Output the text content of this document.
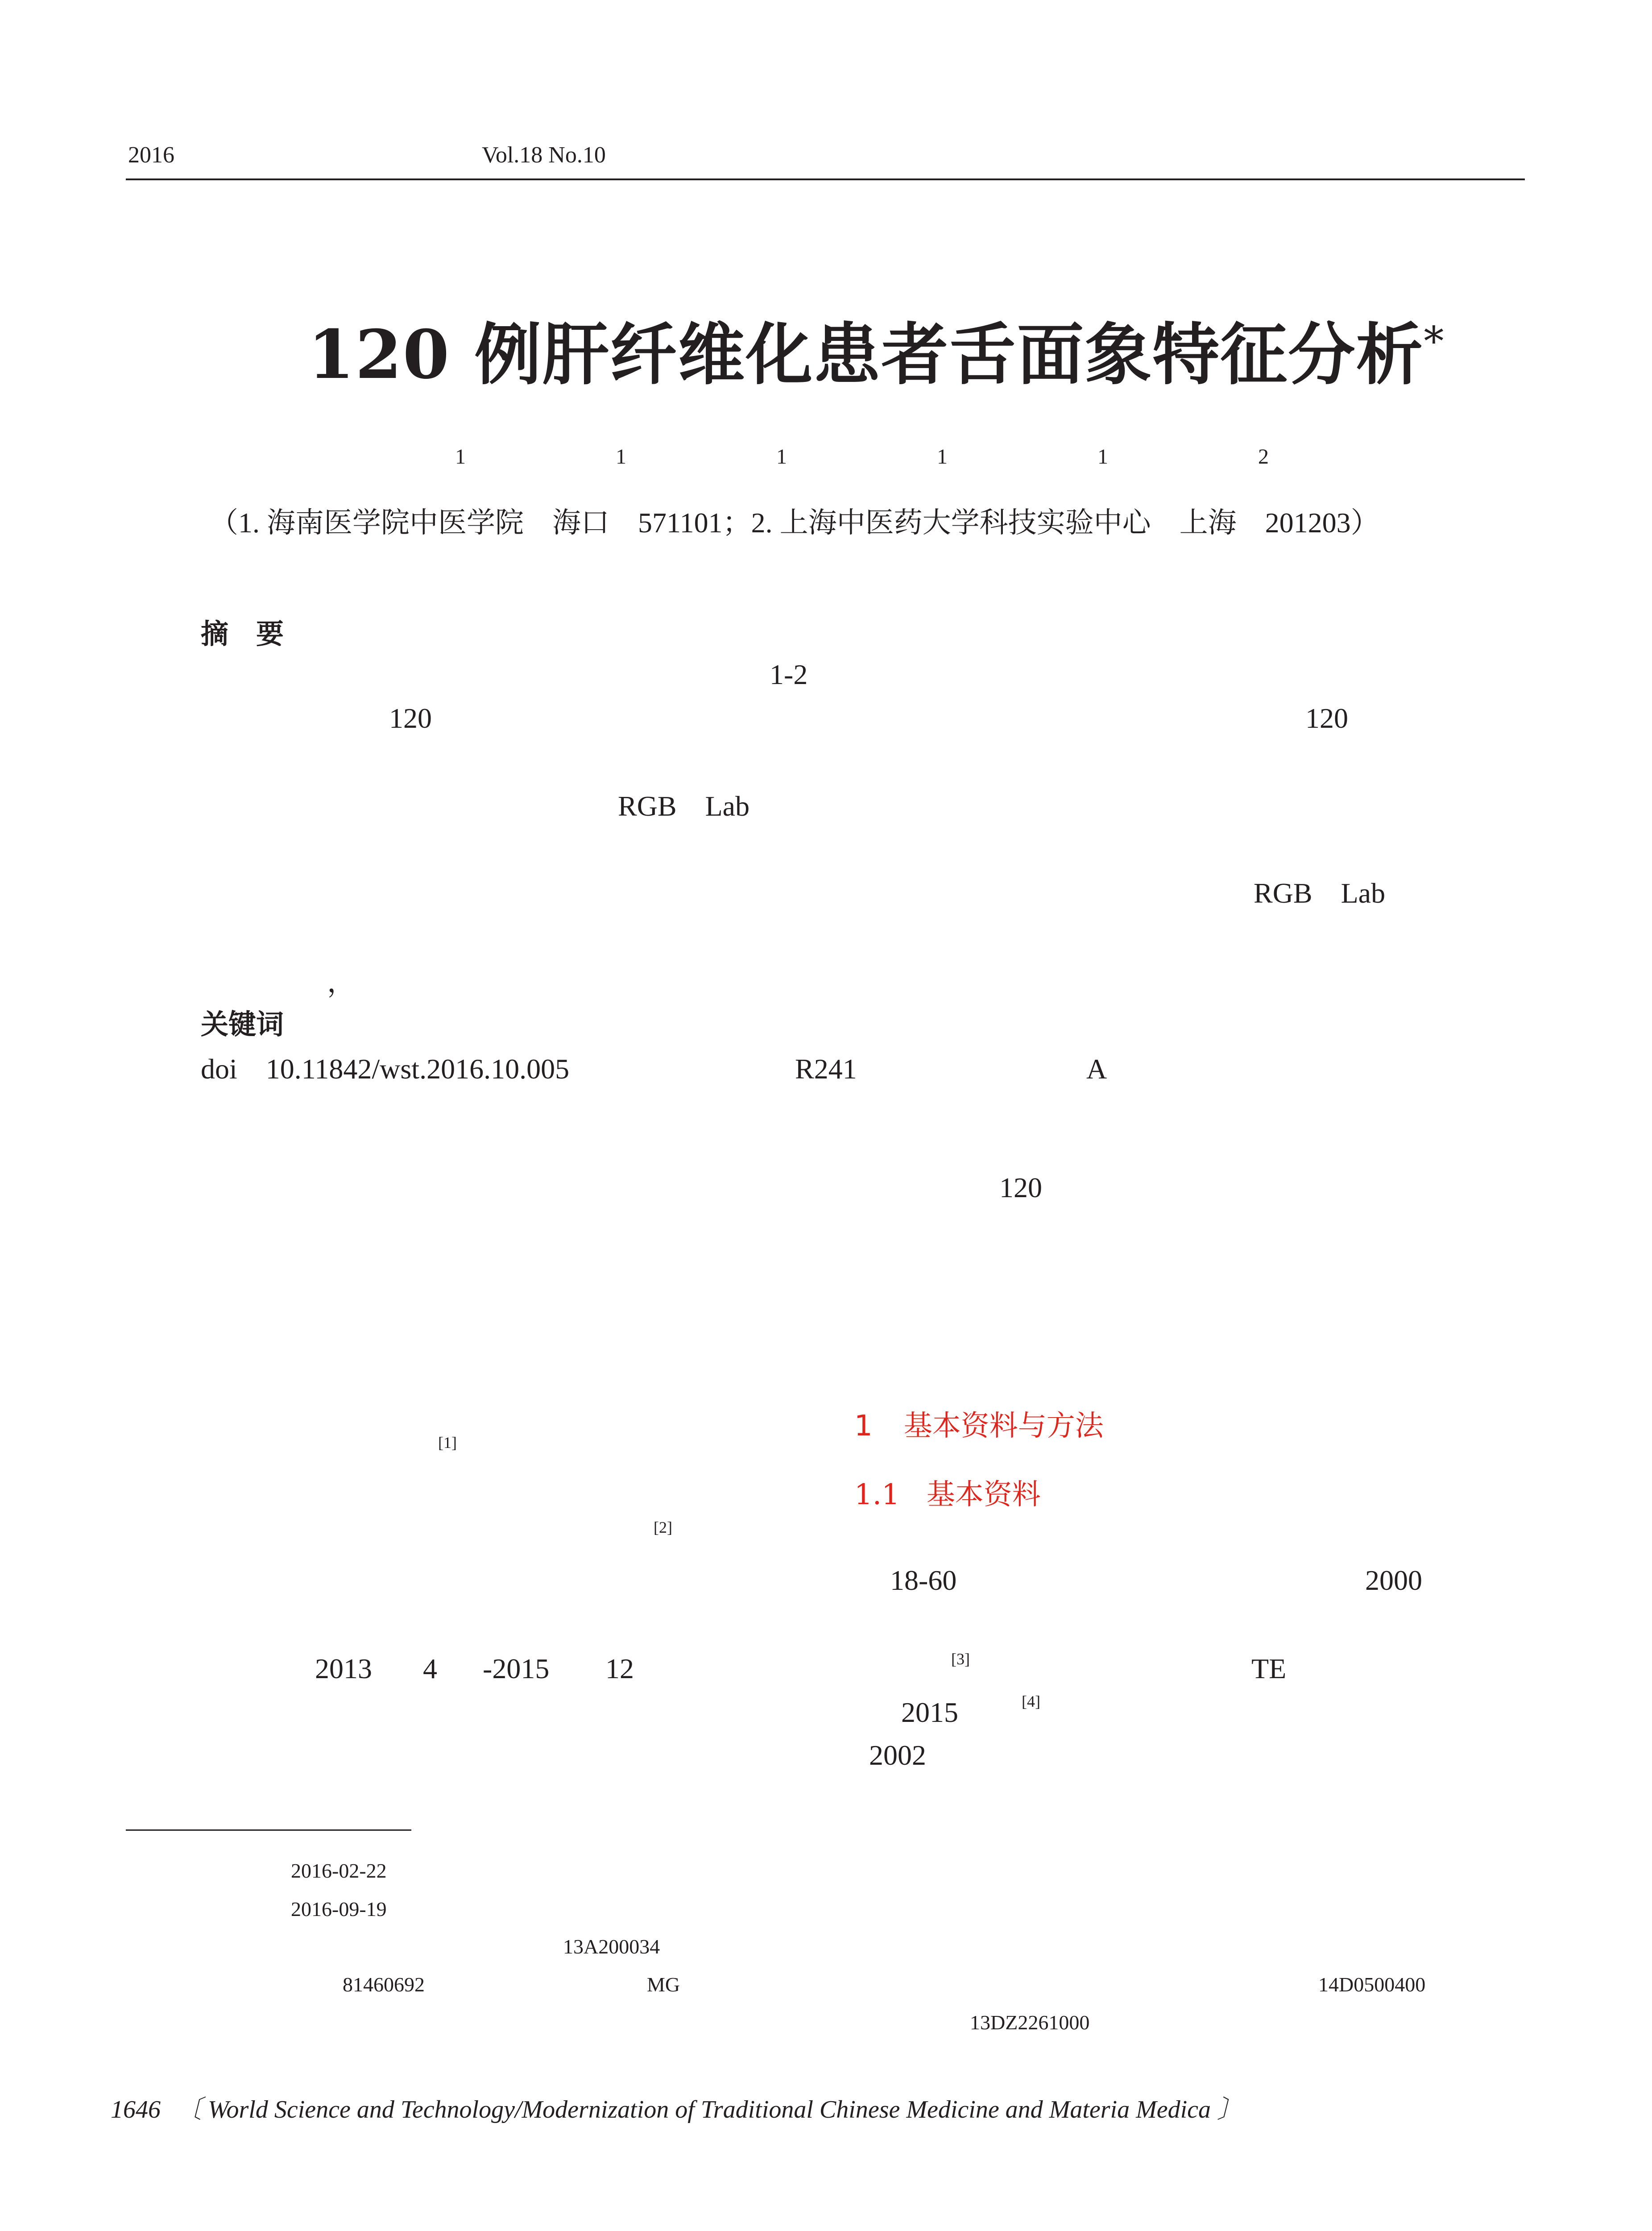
2016	Vol.18 No.10
120 例肝纤维化患者舌面象特征分析*
1	1	1	1	1	2
（1. 海南医学院中医学院　海口　571101；2. 上海中医药大学科技实验中心　上海　201203）
摘　要
1-2
120	120
RGB　Lab
RGB　Lab
，
关键词
doi　10.11842/wst.2016.10.005	R241	A
120
[1]
[2]
2013 4 -2015 12
1 基本资料与方法
1.1 基本资料
18-60	2000
[3]	TE
2015	[4]
2002
2016-02-22
2016-09-19
13A200034
81460692	MG	14D0500400
13DZ2261000
1646 〔 World Science and Technology/Modernization of Traditional Chinese Medicine and Materia Medica 〕
